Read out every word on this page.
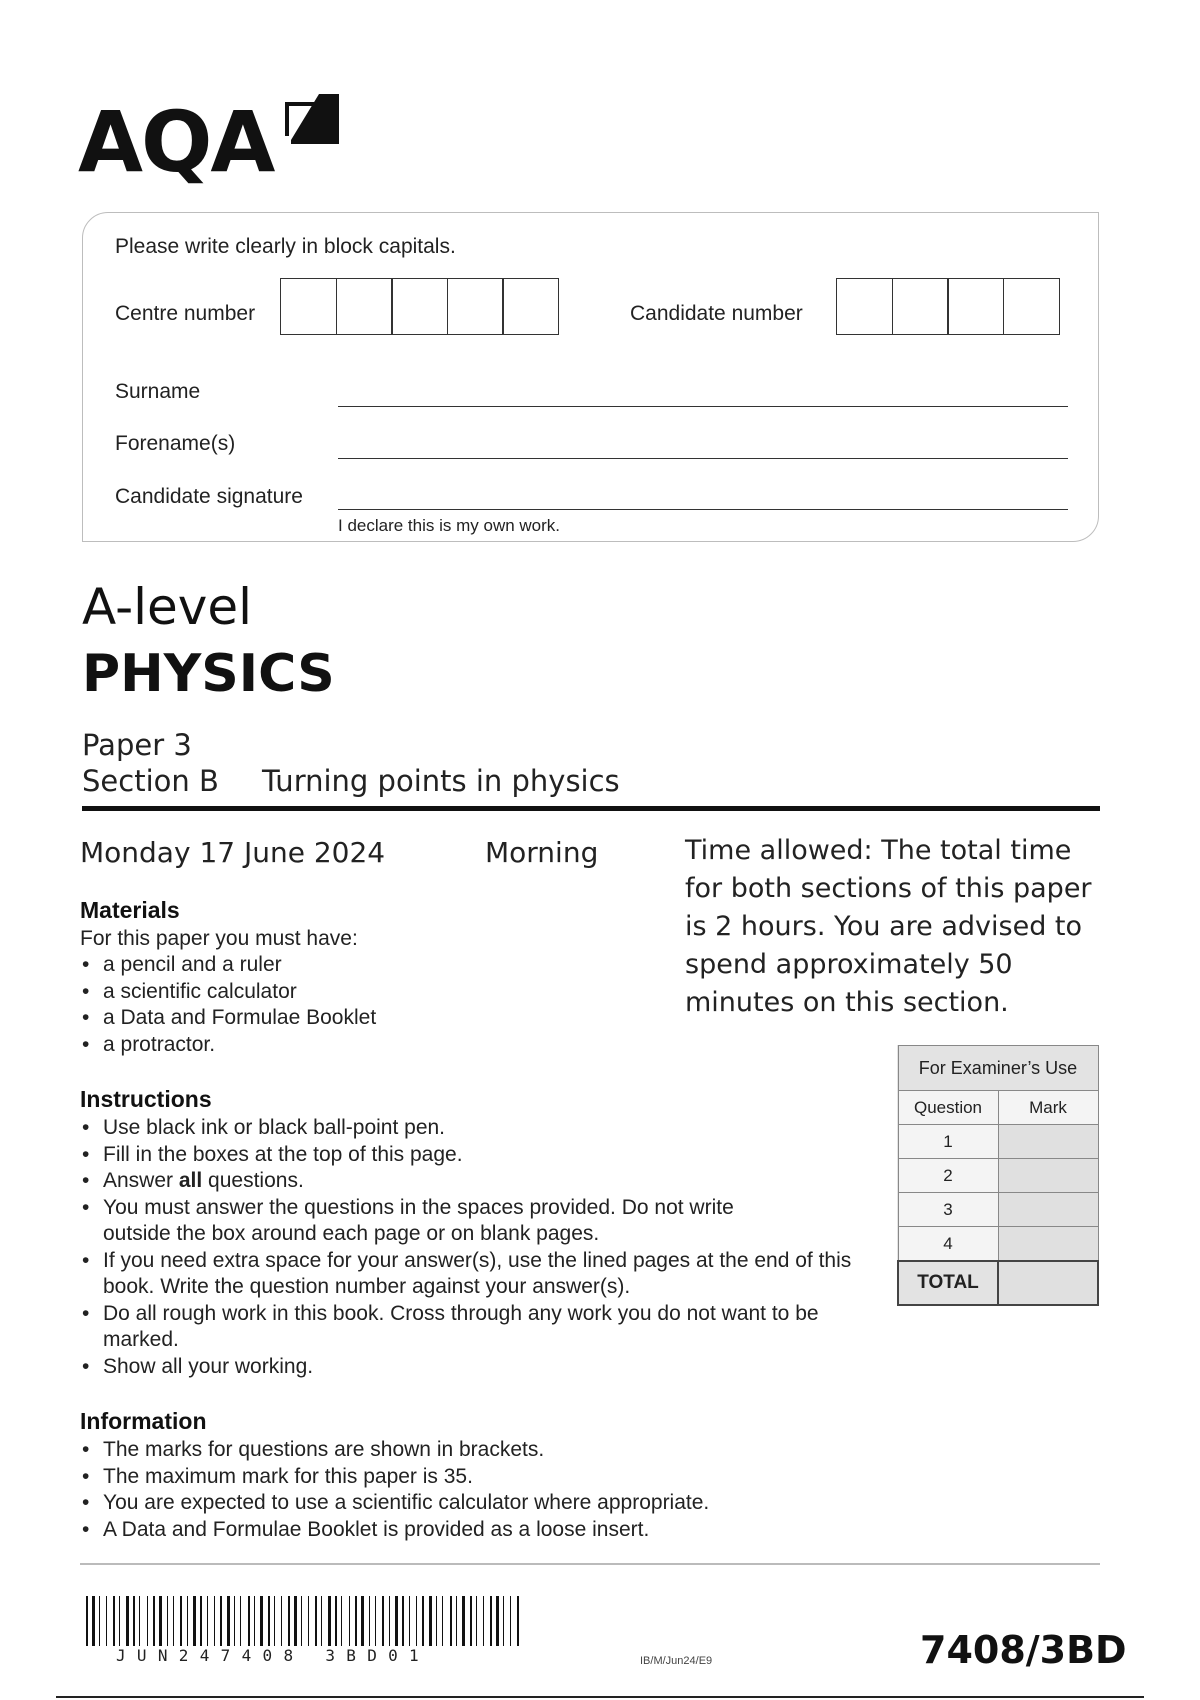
AQA
Please write clearly in block capitals.
Centre number	Candidate number
Surname
Forename(s)
Candidate signature
I declare this is my own work.
A-level
PHYSICS
Paper 3
Section B Turning points in physics
Monday 17 June 2024	Morning	Time allowed: The total time for both sections of this paper is 2 hours. You are advised to spend approximately 50 minutes on this section.
Materials
For this paper you must have:
• a pencil and a ruler
• a scientific calculator
• a Data and Formulae Booklet
• a protractor.
Instructions
• Use black ink or black ball-point pen.
• Fill in the boxes at the top of this page.
• Answer all questions.
• You must answer the questions in the spaces provided. Do not write outside the box around each page or on blank pages.
• If you need extra space for your answer(s), use the lined pages at the end of this book. Write the question number against your answer(s).
• Do all rough work in this book. Cross through any work you do not want to be marked.
• Show all your working.
Information
• The marks for questions are shown in brackets.
• The maximum mark for this paper is 35.
• You are expected to use a scientific calculator where appropriate.
• A Data and Formulae Booklet is provided as a loose insert.
For Examiner’s Use	
Question	Mark
1	
2	
3	
4	
TOTAL	
JUN247408 3BD01	IB/M/Jun24/E9	7408/3BD
